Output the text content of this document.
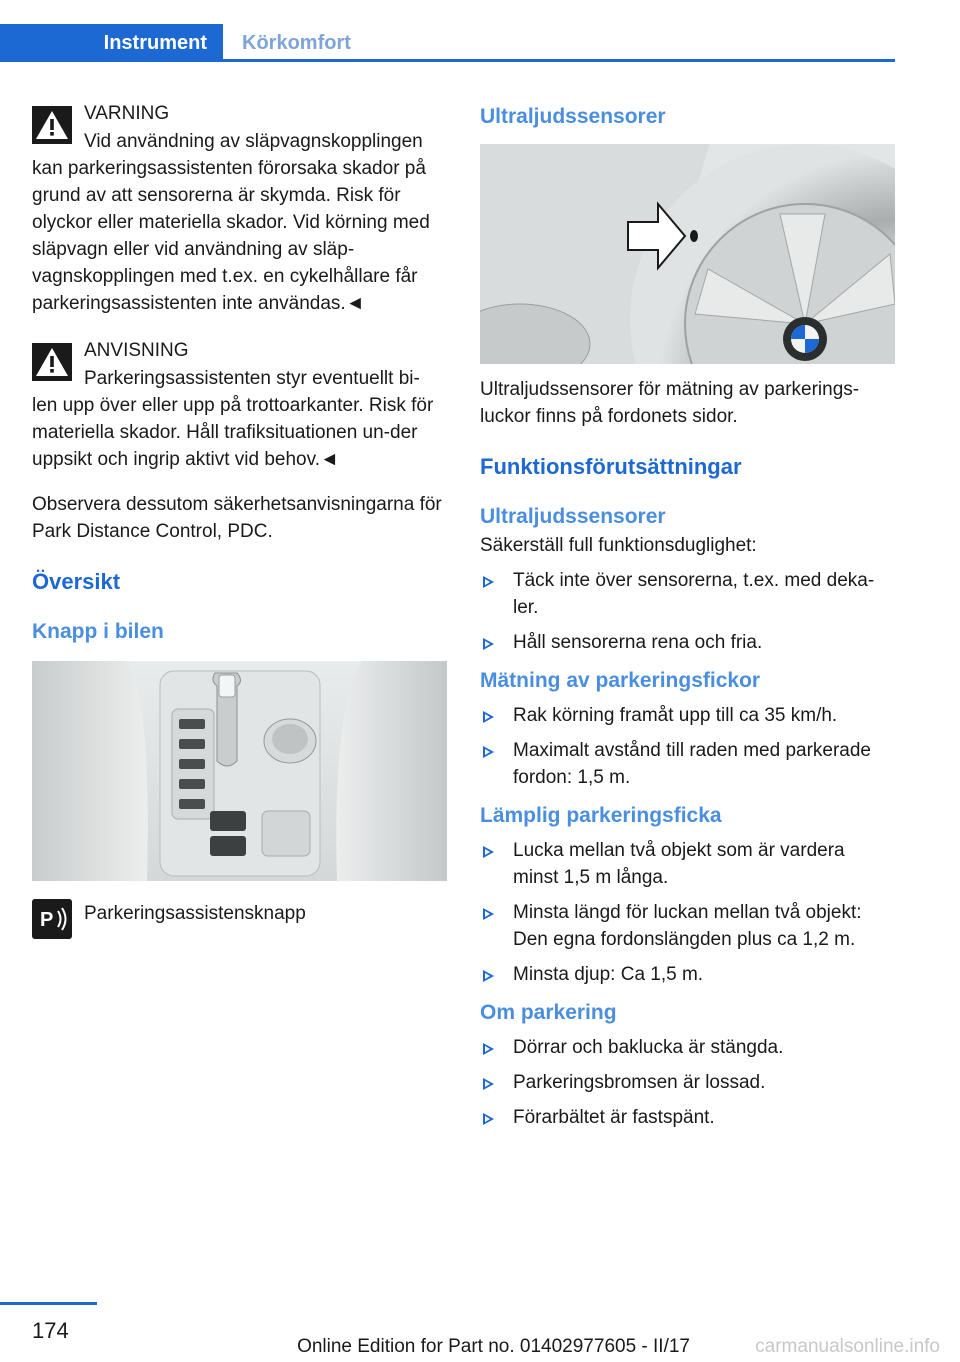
Instrument	Körkomfort
VARNING
Vid användning av släpvagnskopplingen
kan parkeringsassistenten förorsaka skador på grund av att sensorerna är skymda. Risk för olyckor eller materiella skador. Vid körning med släpvagn eller vid användning av släp-vagnskopplingen med t.ex. en cykelhållare får parkeringsassistenten inte användas.◄
ANVISNING
Parkeringsassistenten styr eventuellt bi-
len upp över eller upp på trottoarkanter. Risk för materiella skador. Håll trafiksituationen un-der uppsikt och ingrip aktivt vid behov.◄

Observera dessutom säkerhetsanvisningarna för Park Distance Control, PDC.

Översikt
Knapp i bilen
P Parkeringsassistensknapp

Ultraljudssensorer

Ultraljudssensorer för mätning av parkerings-luckor finns på fordonets sidor.

Funktionsförutsättningar
Ultraljudssensorer

Säkerställ full funktionsduglighet:

Täck inte över sensorerna, t.ex. med deka-ler.
Håll sensorerna rena och fria.
Mätning av parkeringsfickor
Rak körning framåt upp till ca 35 km/h.
Maximalt avstånd till raden med parkerade fordon: 1,5 m.
Lämplig parkeringsficka
Lucka mellan två objekt som är vardera minst 1,5 m långa.
Minsta längd för luckan mellan två objekt: Den egna fordonslängden plus ca 1,2 m.
Minsta djup: Ca 1,5 m.
Om parkering
Dörrar och baklucka är stängda.
Parkeringsbromsen är lossad.
Förarbältet är fastspänt.
174
Online Edition for Part no. 01402977605 - II/17	carmanualsonline.info
